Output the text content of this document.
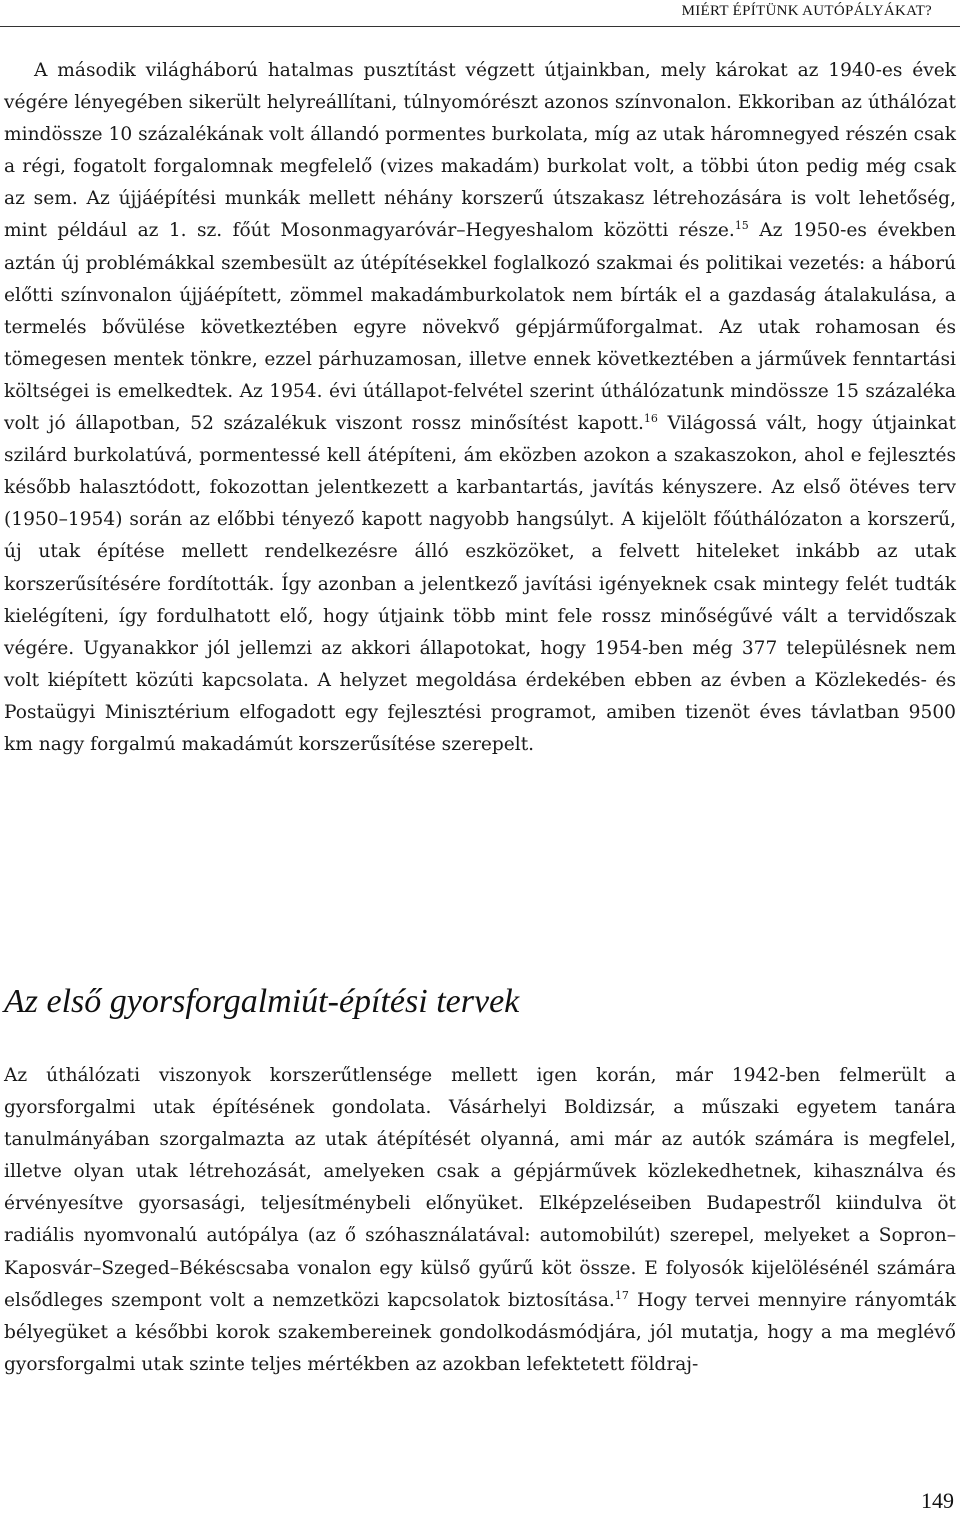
MIÉRT ÉPÍTÜNK AUTÓPÁLYÁKAT?

A második világháború hatalmas pusztítást végzett útjainkban, mely károkat az 1940-es évek végére lényegében sikerült helyreállítani, túlnyomórészt azonos színvonalon. Ekkoriban az úthálózat mindössze 10 százalékának volt állandó pormentes burkolata, míg az utak háromnegyed részén csak a régi, fogatolt forgalomnak megfelelő (vizes makadám) burkolat volt, a többi úton pedig még csak az sem. Az újjáépítési munkák mellett néhány korszerű útszakasz létrehozására is volt lehetőség, mint például az 1. sz. főút Mosonmagyaróvár–Hegyeshalom közötti része.$^{15}$ Az 1950-es években aztán új problémákkal szembesült az útépítésekkel foglalkozó szakmai és politikai vezetés: a háború előtti színvonalon újjáépített, zömmel makadámburkolatok nem bírták el a gazdaság átalakulása, a termelés bővülése következtében egyre növekvő gépjárműforgalmat. Az utak rohamosan és tömegesen mentek tönkre, ezzel párhuzamosan, illetve ennek következtében a járművek fenntartási költségei is emelkedtek. Az 1954. évi útállapot-felvétel szerint úthálózatunk mindössze 15 százaléka volt jó állapotban, 52 százalékuk viszont rossz minősítést kapott.$^{16}$ Világossá vált, hogy útjainkat szilárd burkolatúvá, pormentessé kell átépíteni, ám eközben azokon a szakaszokon, ahol e fejlesztés később halasztódott, fokozottan jelentkezett a karbantartás, javítás kényszere. Az első ötéves terv (1950–1954) során az előbbi tényező kapott nagyobb hangsúlyt. A kijelölt főúthálózaton a korszerű, új utak építése mellett rendelkezésre álló eszközöket, a felvett hiteleket inkább az utak korszerűsítésére fordították. Így azonban a jelentkező javítási igényeknek csak mintegy felét tudták kielégíteni, így fordulhatott elő, hogy útjaink több mint fele rossz minőségűvé vált a tervidőszak végére. Ugyanakkor jól jellemzi az akkori állapotokat, hogy 1954-ben még 377 településnek nem volt kiépített közúti kapcsolata. A helyzet megoldása érdekében ebben az évben a Közlekedés- és Postaügyi Minisztérium elfogadott egy fejlesztési programot, amiben tizenöt éves távlatban 9500 km nagy forgalmú makadámút korszerűsítése szerepelt.

Az első gyorsforgalmiút-építési tervek

Az úthálózati viszonyok korszerűtlensége mellett igen korán, már 1942-ben felmerült a gyorsforgalmi utak építésének gondolata. Vásárhelyi Boldizsár, a műszaki egyetem tanára tanulmányában szorgalmazta az utak átépítését olyanná, ami már az autók számára is megfelel, illetve olyan utak létrehozását, amelyeken csak a gépjárművek közlekedhetnek, kihasználva és érvényesítve gyorsasági, teljesítménybeli előnyüket. Elképzeléseiben Budapestről kiindulva öt radiális nyomvonalú autópálya (az ő szóhasználatával: automobilút) szerepel, melyeket a Sopron–Kaposvár–Szeged–Békéscsaba vonalon egy külső gyűrű köt össze. E folyosók kijelölésénél számára elsődleges szempont volt a nemzetközi kapcsolatok biztosítása.$^{17}$ Hogy tervei mennyire rányomták bélyegüket a későbbi korok szakembereinek gondolkodásmódjára, jól mutatja, hogy a ma meglévő gyorsforgalmi utak szinte teljes mértékben az azokban lefektetett földraj-

149
